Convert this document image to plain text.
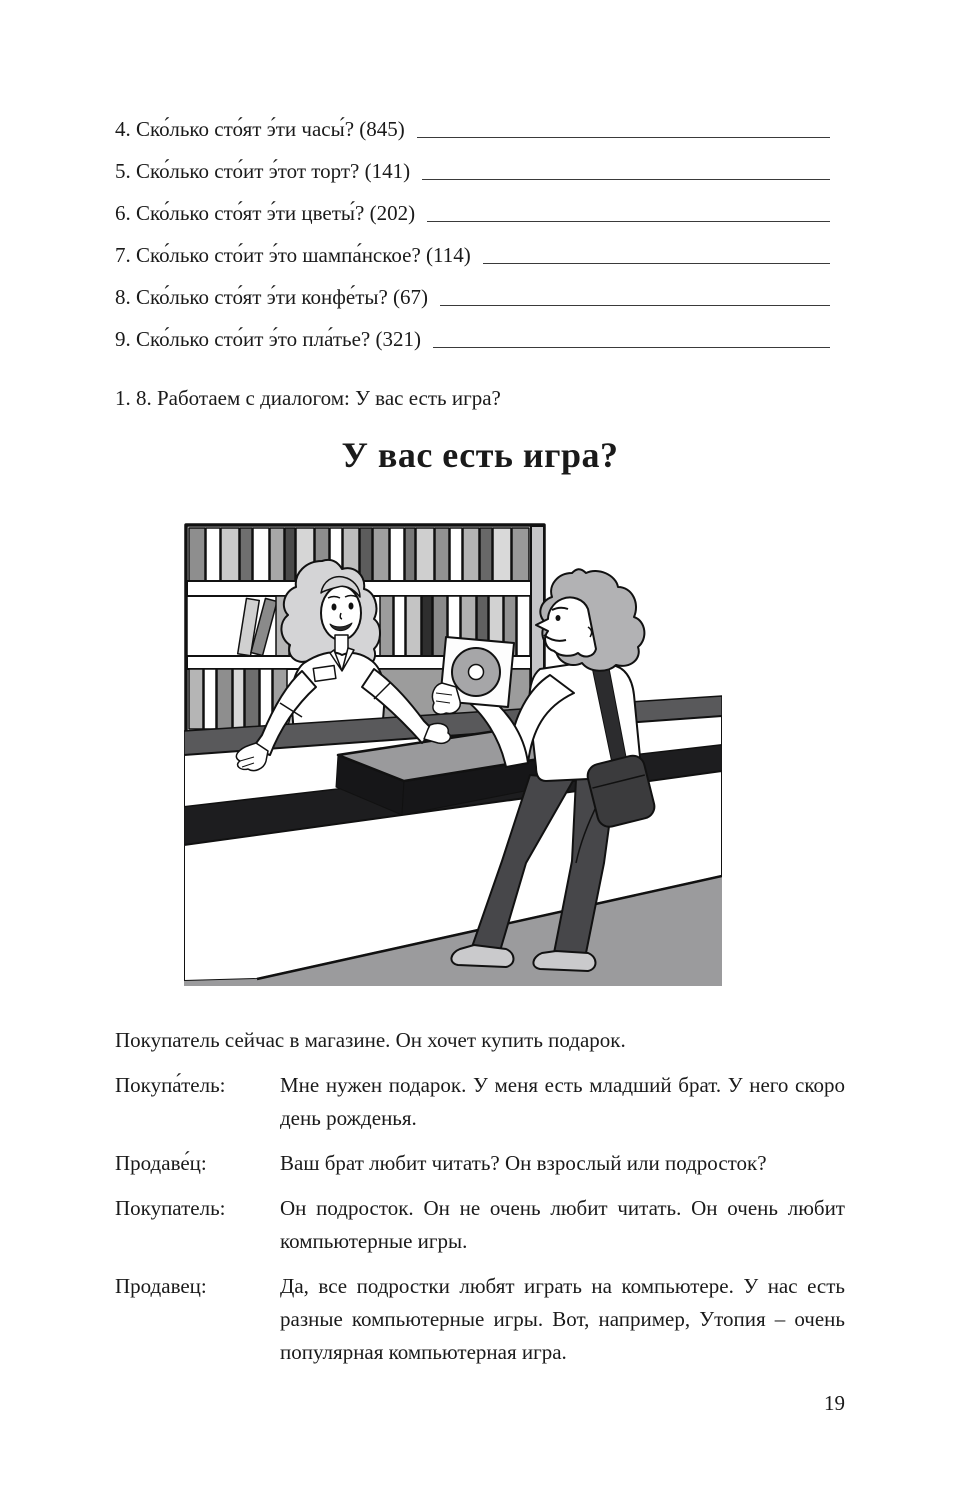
4. Ско́лько сто́ят э́ти часы́? (845)
5. Ско́лько сто́ит э́тот торт? (141)
6. Ско́лько сто́ят э́ти цветы́? (202)
7. Ско́лько сто́ит э́то шампа́нское? (114)
8. Ско́лько сто́ят э́ти конфе́ты? (67)
9. Ско́лько сто́ит э́то пла́тье? (321)

1. 8. Работаем с диалогом: У вас есть игра?

У вас есть игра?

Покупатель сейчас в магазине. Он хочет купить подарок.

Покупа́тель:	Мне нужен подарок. У меня есть младший брат. У него скоро день рожденья.
Продаве́ц:	Ваш брат любит читать? Он взрослый или подросток?
Покупатель:	Он подросток. Он не очень любит читать. Он очень любит компьютерные игры.
Продавец:	Да, все подростки любят играть на компьютере. У нас есть разные компьютерные игры. Вот, например, Утопия – очень популярная компьютерная игра.
19
